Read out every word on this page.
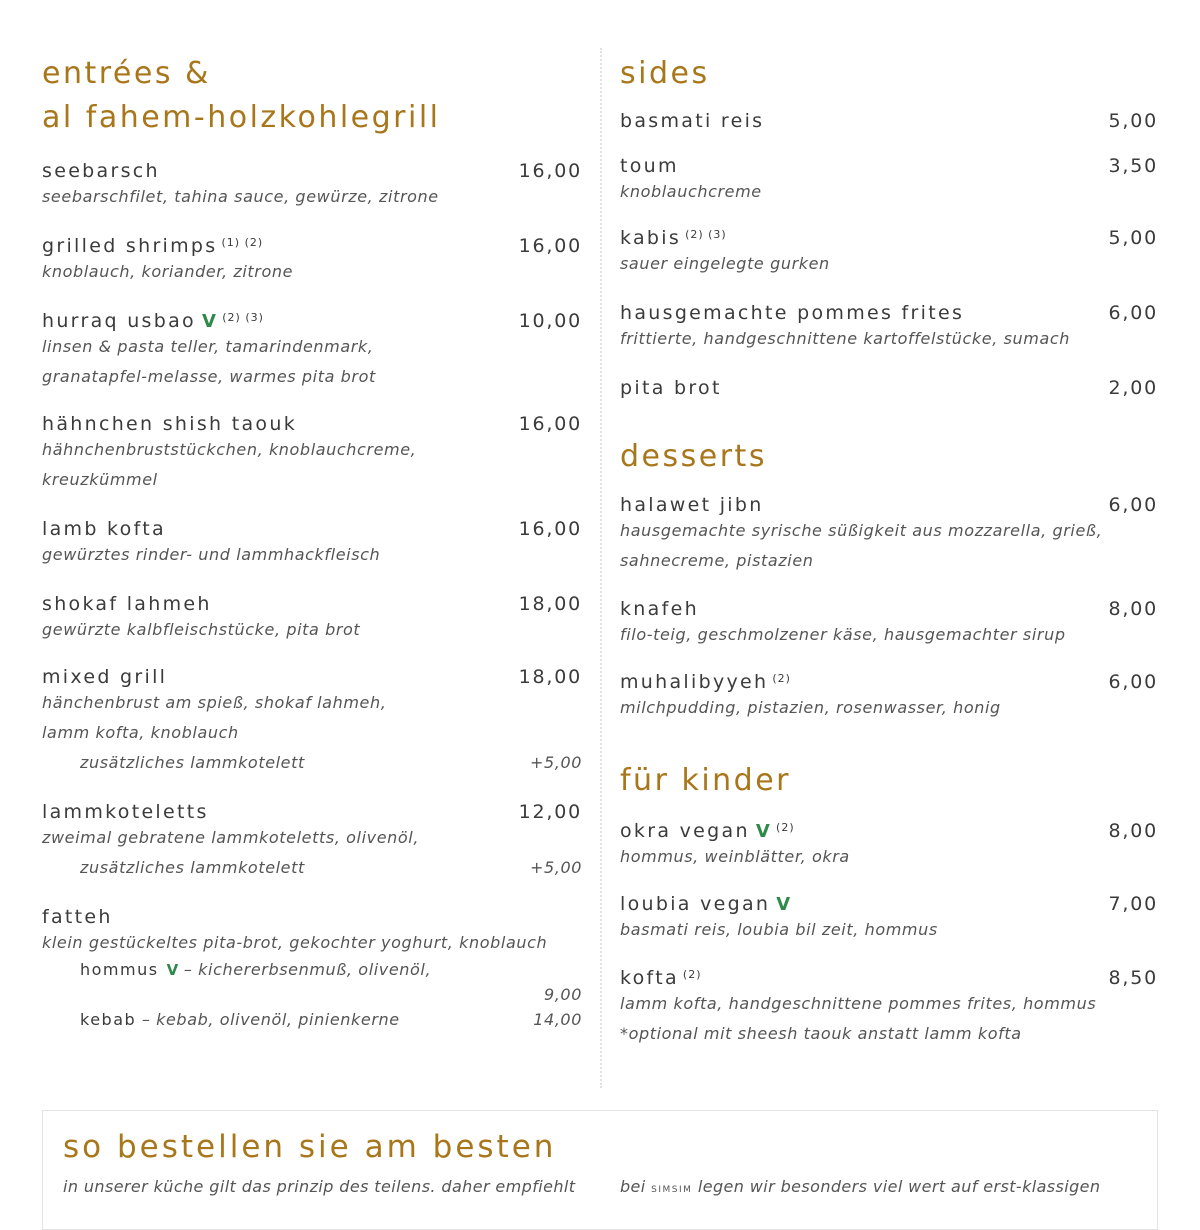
entrées &
al fahem-holzkohlegrill
seebarsch	16,00
seebarschfilet, tahina sauce, gewürze, zitrone
grilled shrimps $^{(1) (2)}$	16,00
knoblauch, koriander, zitrone
hurraq usbao V $^{(2) (3)}$	10,00
linsen & pasta teller, tamarindenmark,
granatapfel-melasse, warmes pita brot
hähnchen shish taouk	16,00
hähnchenbruststückchen, knoblauchcreme,
kreuzkümmel
lamb kofta	16,00
gewürztes rinder- und lammhackfleisch
shokaf lahmeh	18,00
gewürzte kalbfleischstücke, pita brot
mixed grill	18,00
hänchenbrust am spieß, shokaf lahmeh,
lamm kofta, knoblauch
zusätzliches lammkotelett	+5,00
lammkoteletts	12,00
zweimal gebratene lammkoteletts, olivenöl,
zusätzliches lammkotelett	+5,00
fatteh
klein gestückeltes pita-brot, gekochter yoghurt, knoblauch
hommus V – kichererbsenmuß, olivenöl,
9,00
kebab – kebab, olivenöl, pinienkerne	14,00
sides
basmati reis	5,00
toum	3,50
knoblauchcreme
kabis $^{(2) (3)}$	5,00
sauer eingelegte gurken
hausgemachte pommes frites	6,00
frittierte, handgeschnittene kartoffelstücke, sumach
pita brot	2,00
desserts
halawet jibn	6,00
hausgemachte syrische süßigkeit aus mozzarella, grieß,
sahnecreme, pistazien
knafeh	8,00
filo-teig, geschmolzener käse, hausgemachter sirup
muhalibyyeh $^{(2)}$	6,00
milchpudding, pistazien, rosenwasser, honig
für kinder
okra vegan V $^{(2)}$	8,00
hommus, weinblätter, okra
loubia vegan V	7,00
basmati reis, loubia bil zeit, hommus
kofta $^{(2)}$	8,50
lamm kofta, handgeschnittene pommes frites, hommus
*optional mit sheesh taouk anstatt lamm kofta
so bestellen sie am besten
in unserer küche gilt das prinzip des teilens. daher empfiehlt	bei simsim legen wir besonders viel wert auf erst-klassigen
